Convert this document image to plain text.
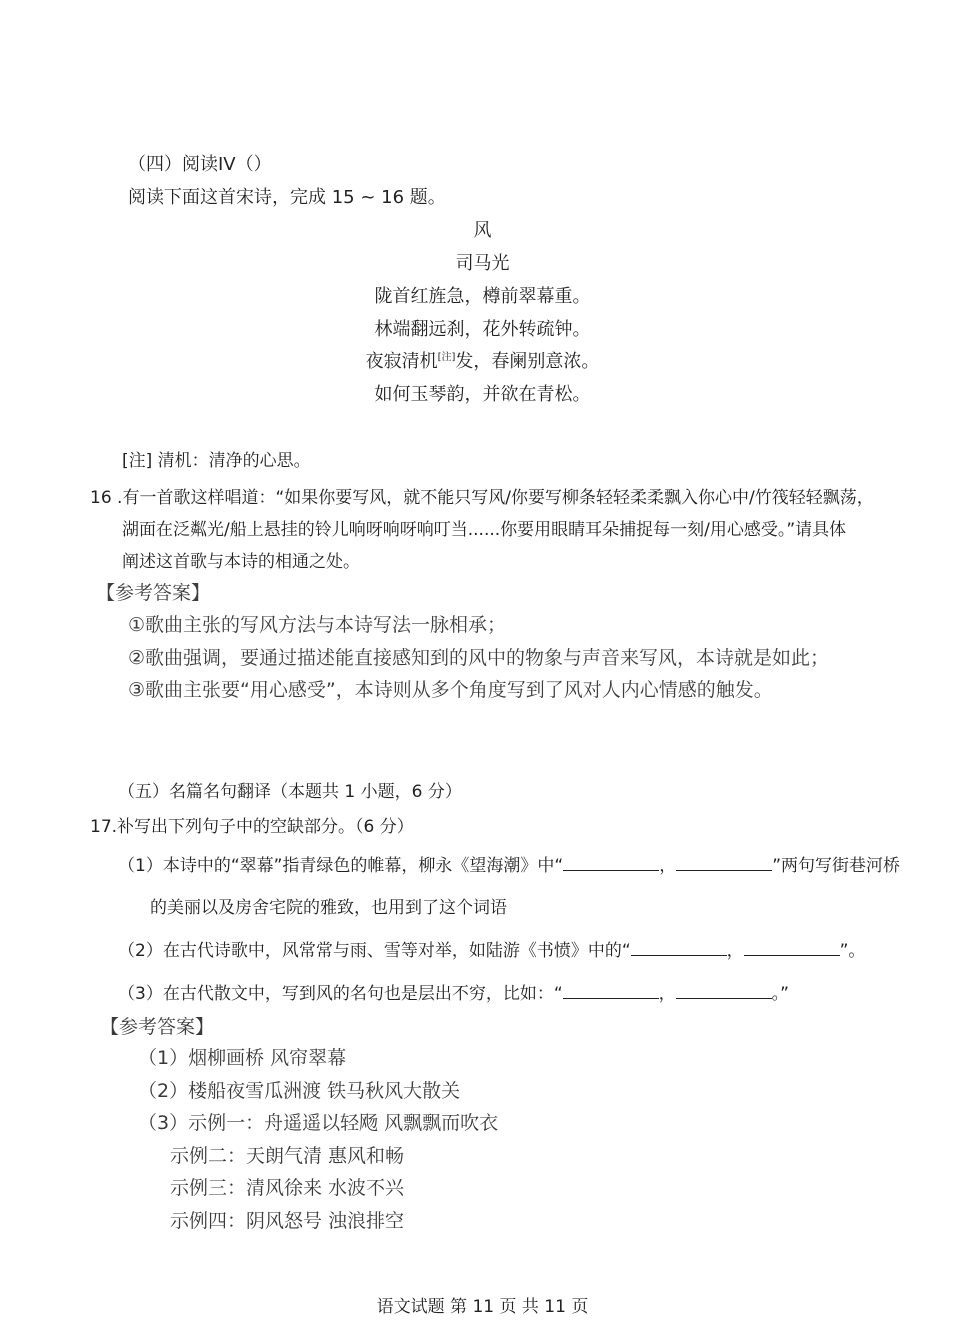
（四）阅读IV（）
阅读下面这首宋诗，完成 15 ~ 16 题。
风
司马光
陇首红旌急，樽前翠幕重。
林端翻远刹，花外转疏钟。
夜寂清机[注]发，春阑别意浓。
如何玉琴韵，并欲在青松。
[注] 清机：清净的心思。
16 .有一首歌这样唱道：“如果你要写风，就不能只写风/你要写柳条轻轻柔柔飘入你心中/竹筏轻轻飘荡，
湖面在泛粼光/船上悬挂的铃儿响呀响呀响叮当......你要用眼睛耳朵捕捉每一刻/用心感受。”请具体
阐述这首歌与本诗的相通之处。
【参考答案】
①歌曲主张的写风方法与本诗写法一脉相承；
②歌曲强调，要通过描述能直接感知到的风中的物象与声音来写风，本诗就是如此；
③歌曲主张要“用心感受”，本诗则从多个角度写到了风对人内心情感的触发。
（五）名篇名句翻译（本题共 1 小题，6 分）
17.补写出下列句子中的空缺部分。（6 分）
（1）本诗中的“翠幕”指青绿色的帷幕，柳永《望海潮》中“	，	”两句写街巷河桥
的美丽以及房舍宅院的雅致，也用到了这个词语
（2）在古代诗歌中，风常常与雨、雪等对举，如陆游《书愤》中的“	，	”。
（3）在古代散文中，写到风的名句也是层出不穷，比如：“	，	。”
【参考答案】
（1）烟柳画桥 风帘翠幕
（2）楼船夜雪瓜洲渡 铁马秋风大散关
（3）示例一：舟遥遥以轻飏 风飘飘而吹衣
示例二：天朗气清 惠风和畅
示例三：清风徐来 水波不兴
示例四：阴风怒号 浊浪排空
语文试题 第 11 页 共 11 页
